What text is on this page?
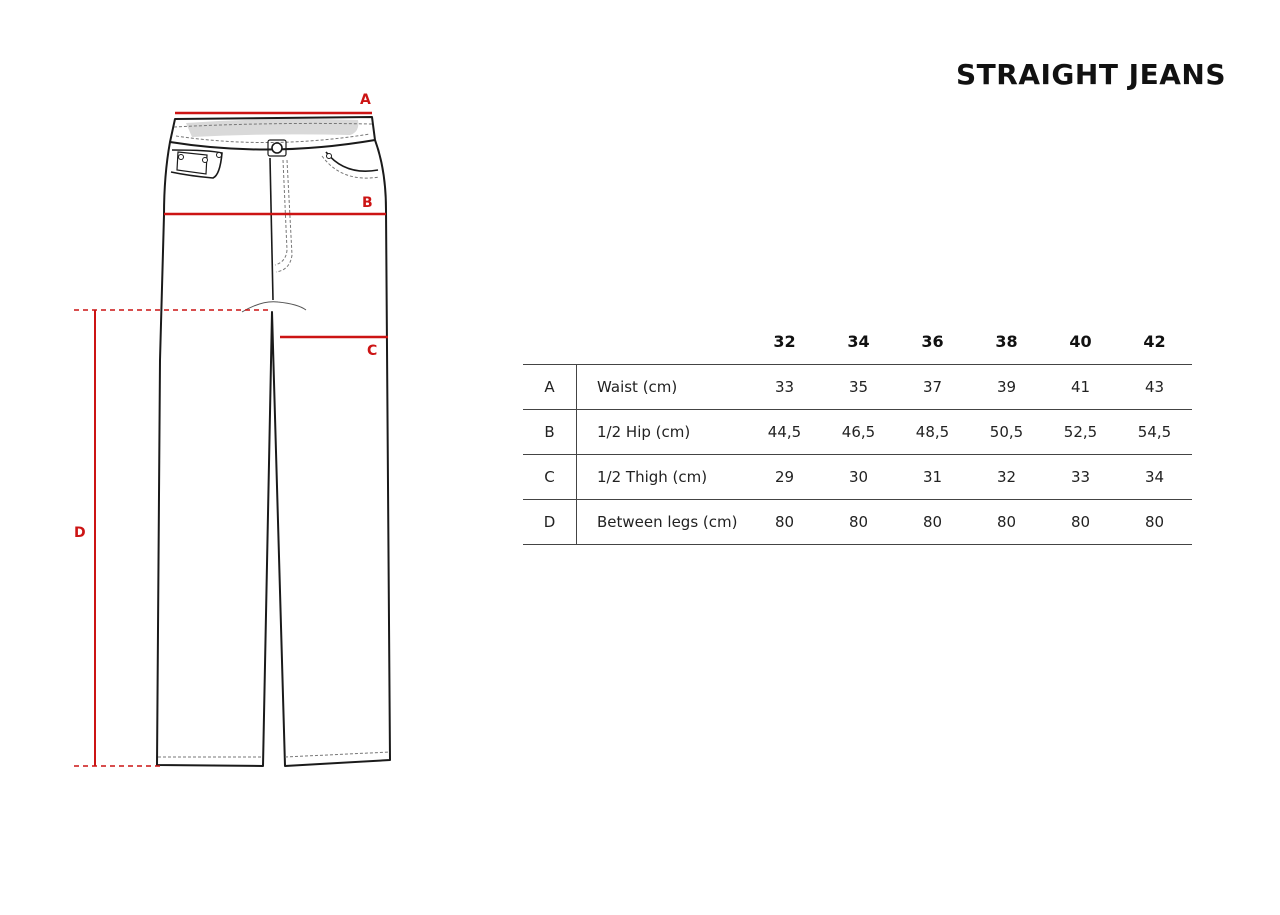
STRAIGHT JEANS
A
B
C
D
		32	34	36	38	40	42
A	Waist (cm)	33	35	37	39	41	43
B	1/2 Hip (cm)	44,5	46,5	48,5	50,5	52,5	54,5
C	1/2 Thigh (cm)	29	30	31	32	33	34
D	Between legs (cm)	80	80	80	80	80	80
